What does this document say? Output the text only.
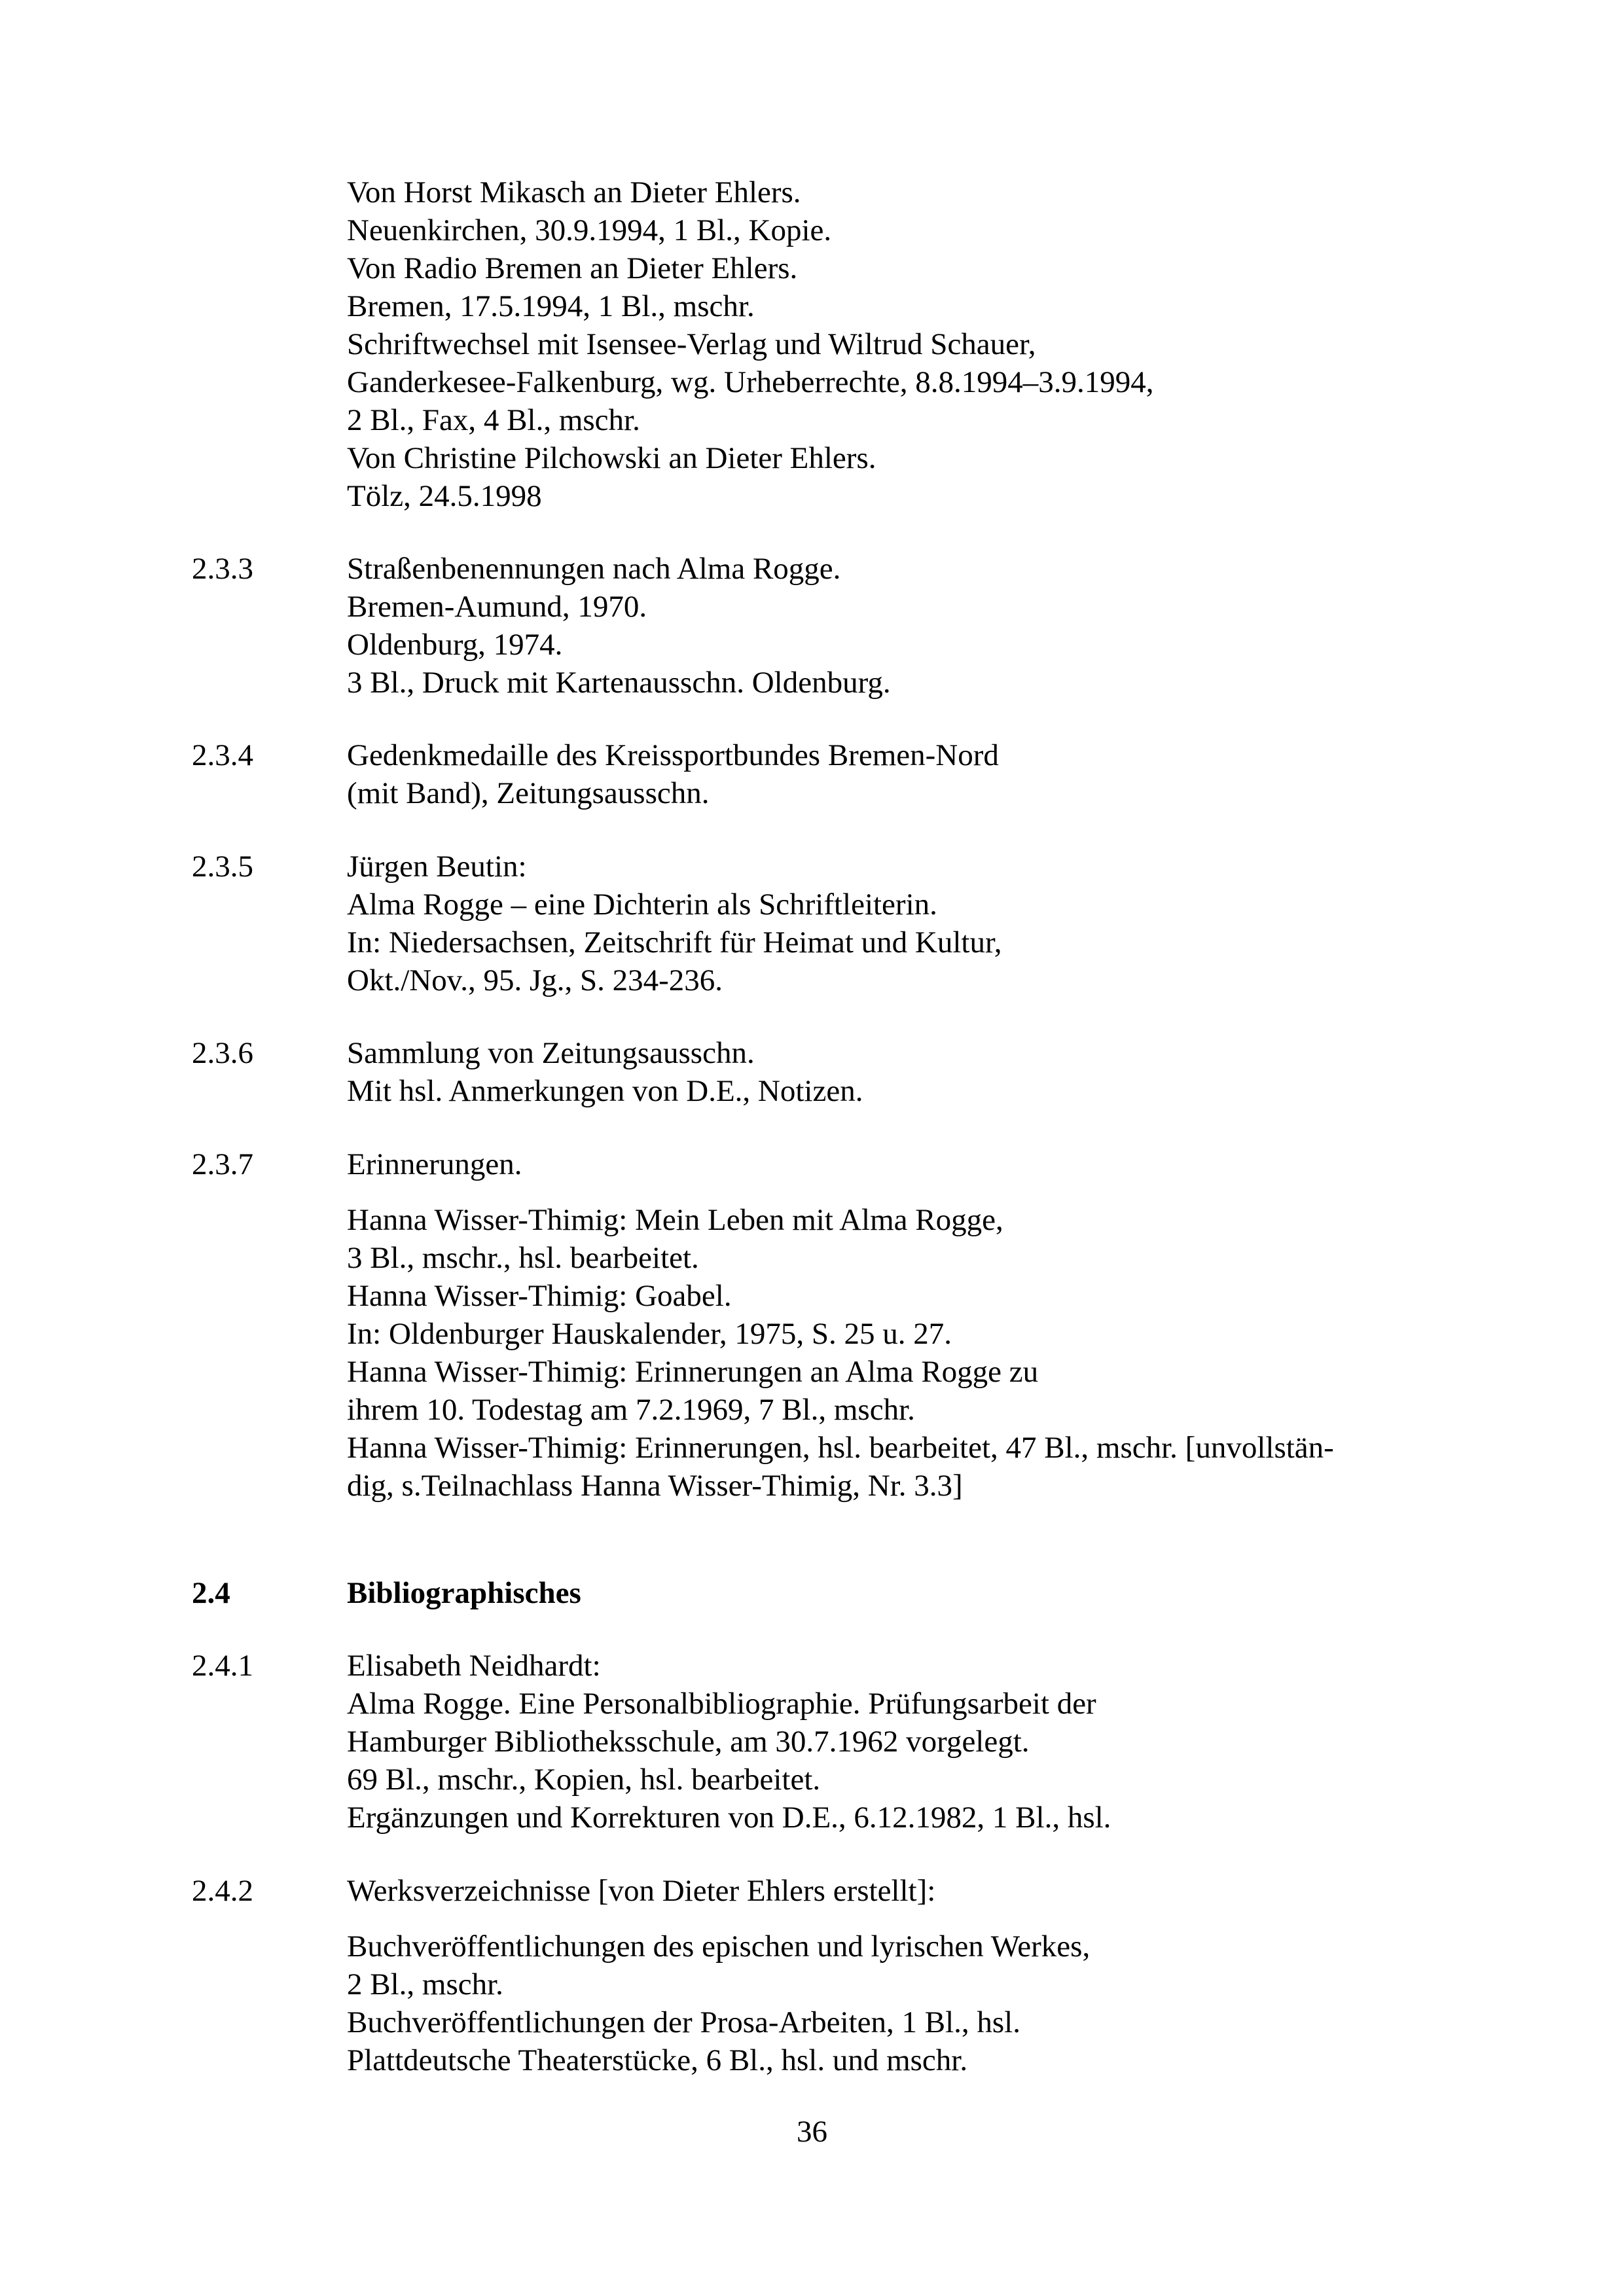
Von Horst Mikasch an Dieter Ehlers.
Neuenkirchen, 30.9.1994, 1 Bl., Kopie.
Von Radio Bremen an Dieter Ehlers.
Bremen, 17.5.1994, 1 Bl., mschr.
Schriftwechsel mit Isensee-Verlag und Wiltrud Schauer,
Ganderkesee-Falkenburg, wg. Urheberrechte, 8.8.1994–3.9.1994,
2 Bl., Fax, 4 Bl., mschr.
Von Christine Pilchowski an Dieter Ehlers.
Tölz, 24.5.1998
2.3.3	Straßenbenennungen nach Alma Rogge.
Bremen-Aumund, 1970.
Oldenburg, 1974.
3 Bl., Druck mit Kartenausschn. Oldenburg.
2.3.4	Gedenkmedaille des Kreissportbundes Bremen-Nord
(mit Band), Zeitungsausschn.
2.3.5	Jürgen Beutin:
Alma Rogge – eine Dichterin als Schriftleiterin.
In: Niedersachsen, Zeitschrift für Heimat und Kultur,
Okt./Nov., 95. Jg., S. 234-236.
2.3.6	Sammlung von Zeitungsausschn.
Mit hsl. Anmerkungen von D.E., Notizen.
2.3.7	Erinnerungen.
Hanna Wisser-Thimig: Mein Leben mit Alma Rogge,
3 Bl., mschr., hsl. bearbeitet.
Hanna Wisser-Thimig: Goabel.
In: Oldenburger Hauskalender, 1975, S. 25 u. 27.
Hanna Wisser-Thimig: Erinnerungen an Alma Rogge zu
ihrem 10. Todestag am 7.2.1969, 7 Bl., mschr.
Hanna Wisser-Thimig: Erinnerungen, hsl. bearbeitet, 47 Bl., mschr. [unvollstän-
dig, s.Teilnachlass Hanna Wisser-Thimig, Nr. 3.3]
2.4	Bibliographisches
2.4.1	Elisabeth Neidhardt:
Alma Rogge. Eine Personalbibliographie. Prüfungsarbeit der
Hamburger Bibliotheksschule, am 30.7.1962 vorgelegt.
69 Bl., mschr., Kopien, hsl. bearbeitet.
Ergänzungen und Korrekturen von D.E., 6.12.1982, 1 Bl., hsl.
2.4.2	Werksverzeichnisse [von Dieter Ehlers erstellt]:
Buchveröffentlichungen des epischen und lyrischen Werkes,
2 Bl., mschr.
Buchveröffentlichungen der Prosa-Arbeiten, 1 Bl., hsl.
Plattdeutsche Theaterstücke, 6 Bl., hsl. und mschr.
36
